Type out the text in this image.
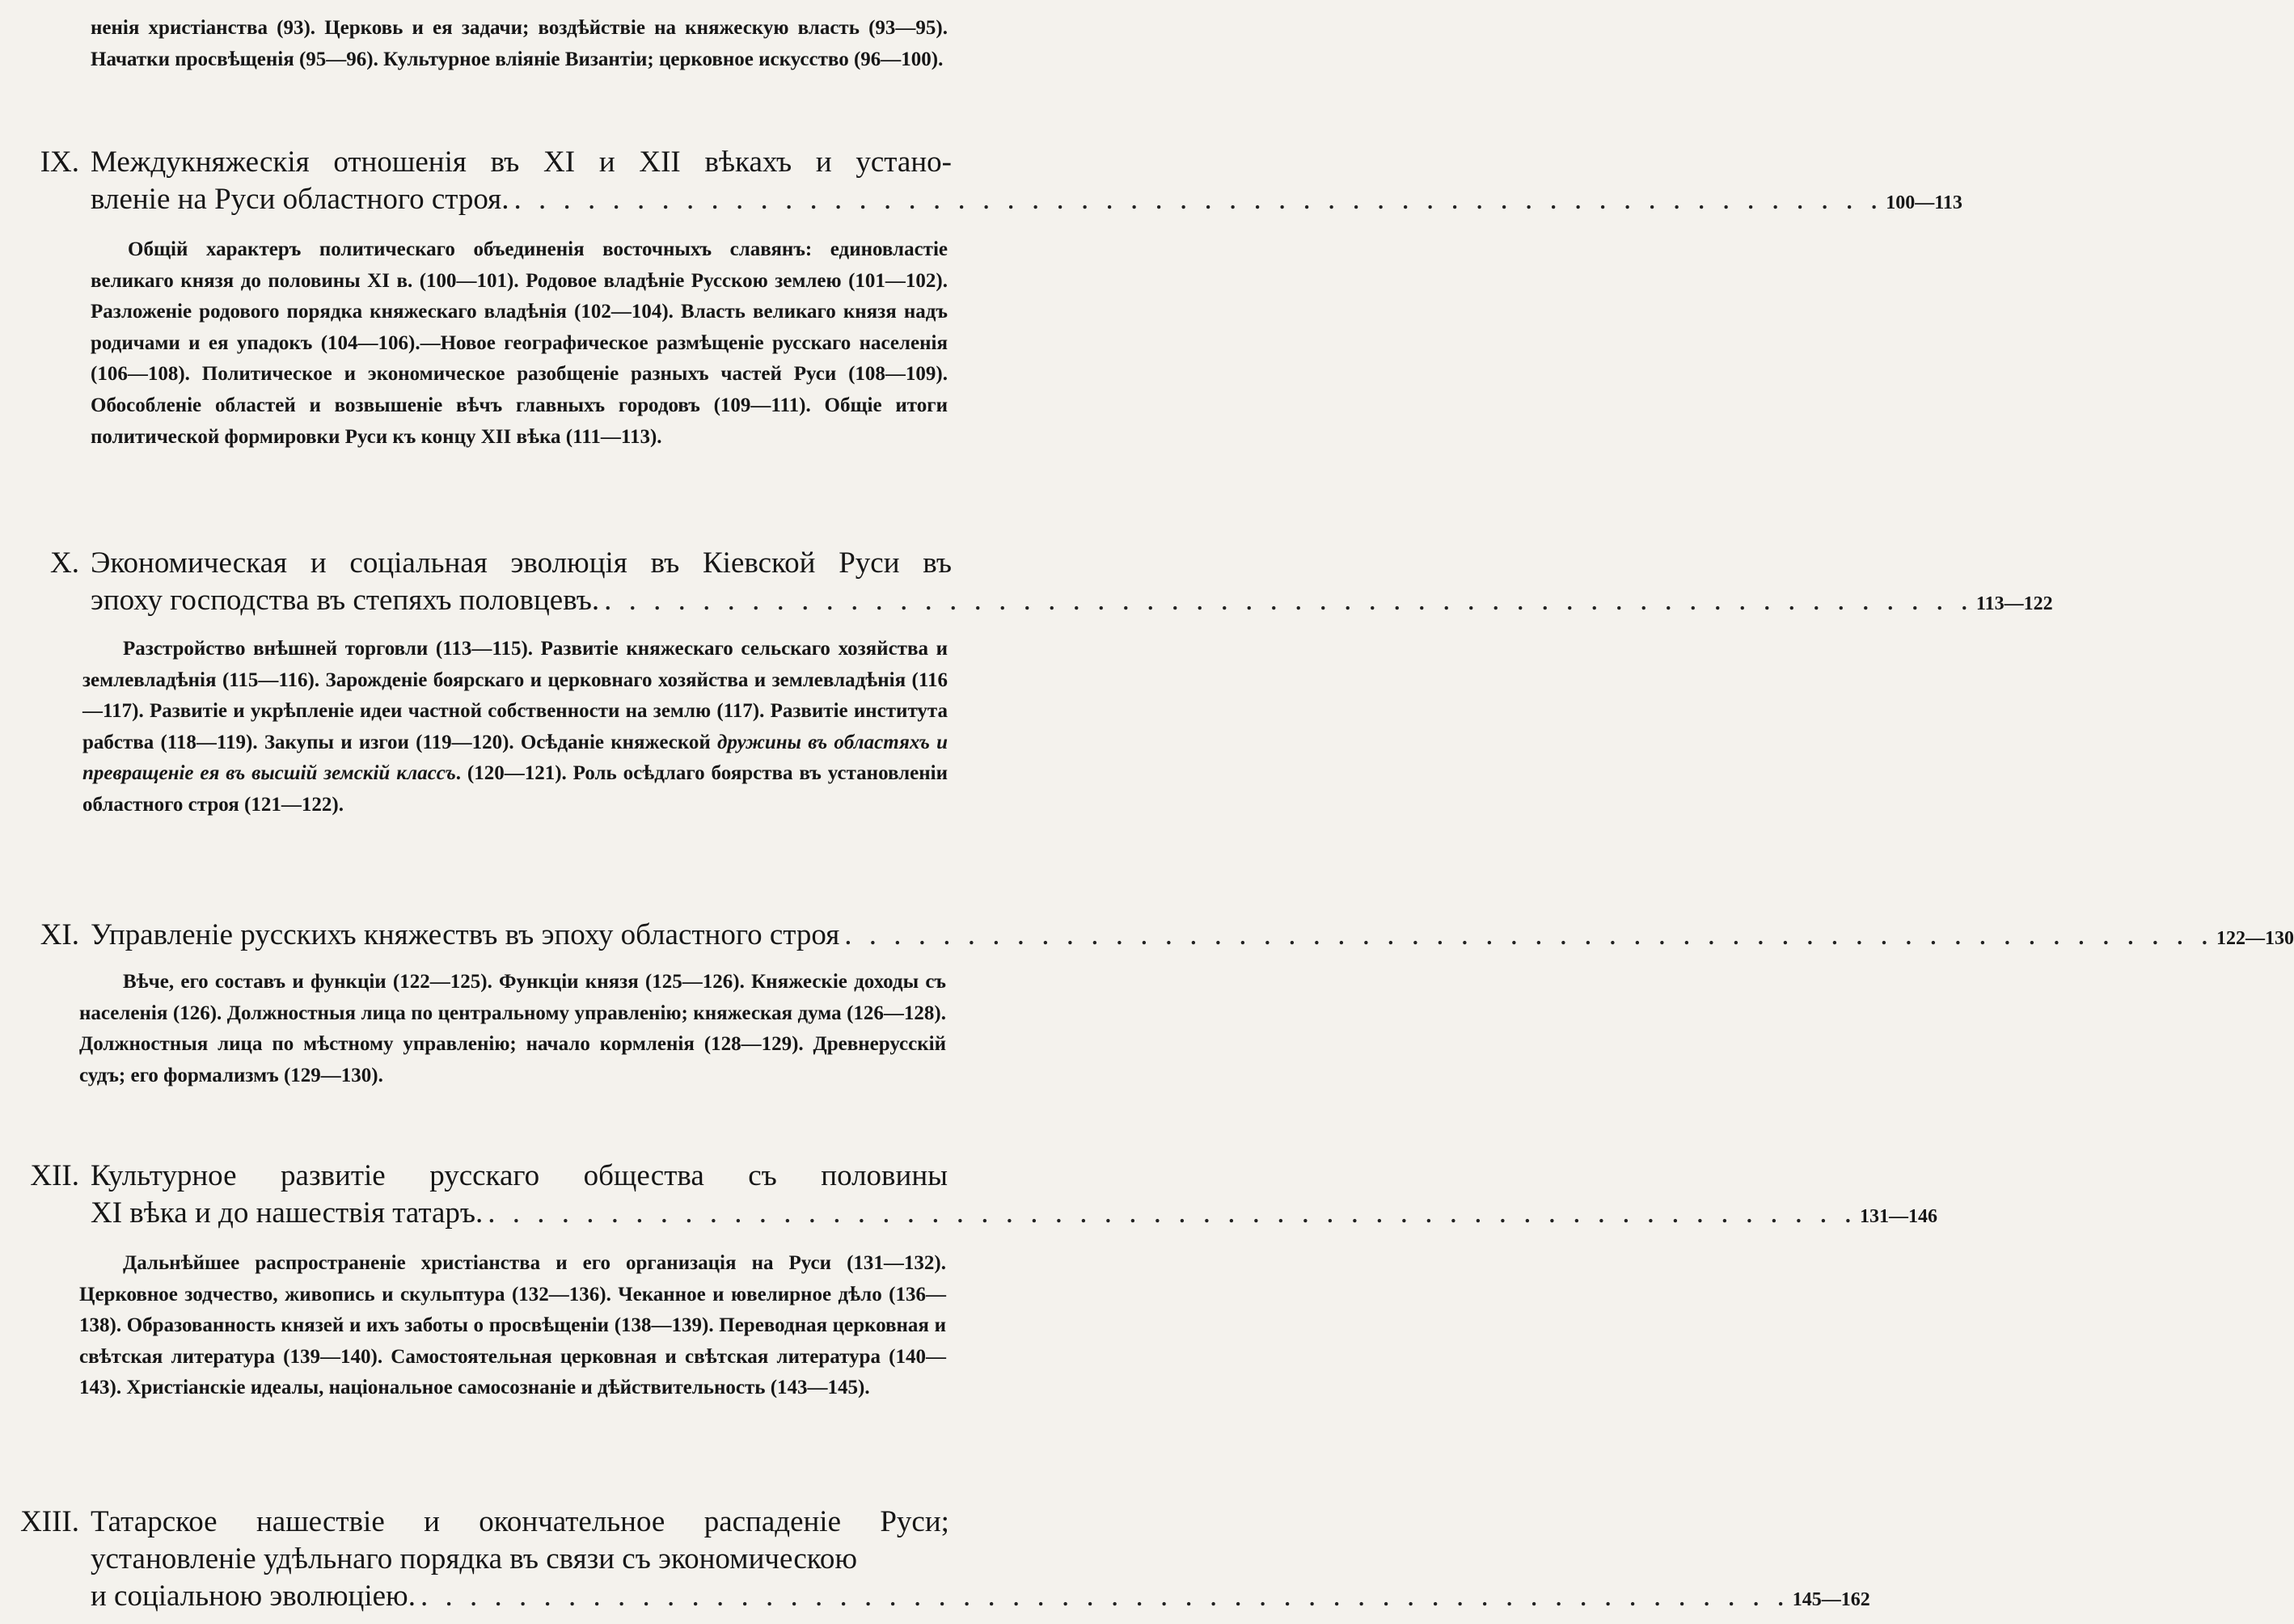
ненія христіанства (93). Церковь и ея задачи; воздѣйствіе на княжескую власть (93—95). Начатки просвѣщенія (95—96). Культурное вліяніе Византіи; церковное искусство (96—100).
IX. Междукняжескія отношенія въ XI и XII вѣкахъ и устано-
вленіе на Руси областного строя. . . . . . . . . . . . . . . . . . . . . . . . . . . . . . . . . . . . . . . . . . . . . . . . . . . . . . . . . 100—113
Общій характеръ политическаго объединенія восточныхъ славянъ: единовластіе великаго князя до половины XI в. (100—101). Родовое владѣніе Русскою землею (101—102). Разложеніе родового порядка княжескаго владѣнія (102—104). Власть великаго князя надъ родичами и ея упадокъ (104—106).—Новое географическое размѣщеніе русскаго населенія (106—108). Политическое и экономическое разобщеніе разныхъ частей Руси (108—109). Обособленіе областей и возвышеніе вѣчъ главныхъ городовъ (109—111). Общіе итоги политической формировки Руси къ концу XII вѣка (111—113).
X. Экономическая и соціальная эволюція въ Кіевской Руси въ
эпоху господства въ степяхъ половцевъ. . . . . . . . . . . . . . . . . . . . . . . . . . . . . . . . . . . . . . . . . . . . . . . . . . . . . . . . . 113—122
Разстройство внѣшней торговли (113—115). Развитіе княжескаго сельскаго хозяйства и землевладѣнія (115—116). Зарожденіе боярскаго и церковнаго хозяйства и землевладѣнія (116—117). Развитіе и укрѣпленіе идеи частной собственности на землю (117). Развитіе института рабства (118—119). Закупы и изгои (119—120). Осѣданіе княжеской дружины въ областяхъ и превращеніе ея въ высшій земскій классъ. (120—121). Роль осѣдлаго боярства въ установленіи областного строя (121—122).
XI. Управленіе русскихъ княжествъ въ эпоху областного строя . . . . . . . . . . . . . . . . . . . . . . . . . . . . . . . . . . . . . . . . . . . . . . . . . . . . . . . . 122—130
Вѣче, его составъ и функціи (122—125). Функціи князя (125—126). Княжескіе доходы съ населенія (126). Должностныя лица по центральному управленію; княжеская дума (126—128). Должностныя лица по мѣстному управленію; начало кормленія (128—129). Древнерусскій судъ; его формализмъ (129—130).
XII. Культурное развитіе русскаго общества съ половины
XI вѣка и до нашествія татаръ. . . . . . . . . . . . . . . . . . . . . . . . . . . . . . . . . . . . . . . . . . . . . . . . . . . . . . . . . 131—146
Дальнѣйшее распространеніе христіанства и его организація на Руси (131—132). Церковное зодчество, живопись и скульптура (132—136). Чеканное и ювелирное дѣло (136—138). Образованность князей и ихъ заботы о просвѣщеніи (138—139). Переводная церковная и свѣтская литература (139—140). Самостоятельная церковная и свѣтская литература (140—143). Христіанскіе идеалы, національное самосознаніе и дѣйствительность (143—145).
XIII. Татарское нашествіе и окончательное распаденіе Руси;
установленіе удѣльнаго порядка въ связи съ экономическою
и соціальною эволюціею. . . . . . . . . . . . . . . . . . . . . . . . . . . . . . . . . . . . . . . . . . . . . . . . . . . . . . . . . 145—162
